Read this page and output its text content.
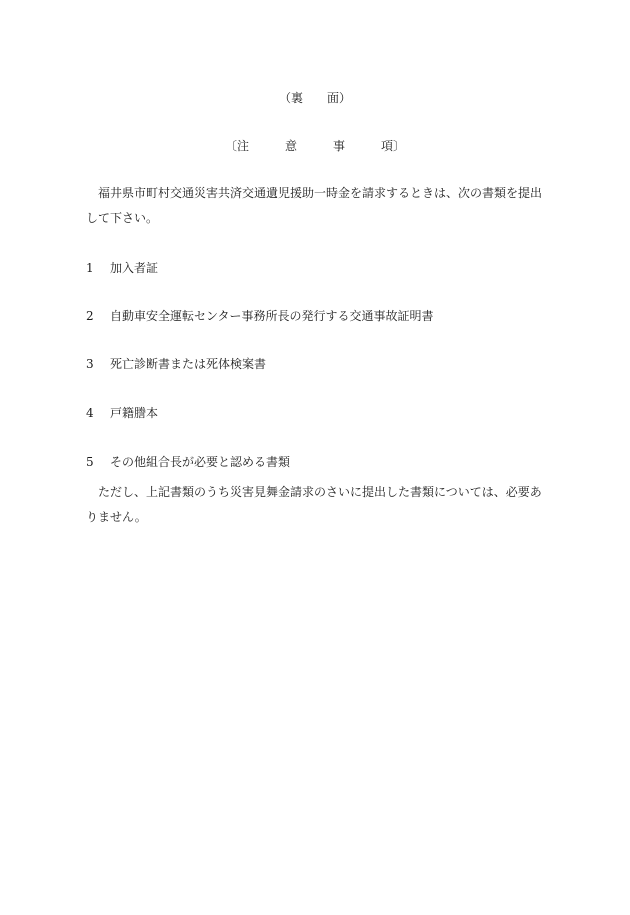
（裏　　面）
〔注　　　意　　　事　　　項〕

福井県市町村交通災害共済交通遺児援助一時金を請求するときは、次の書類を提出して下さい。

1 加入者証
2 自動車安全運転センター事務所長の発行する交通事故証明書
3 死亡診断書または死体検案書
4 戸籍謄本
5 その他組合長が必要と認める書類

ただし、上記書類のうち災害見舞金請求のさいに提出した書類については、必要ありません。
